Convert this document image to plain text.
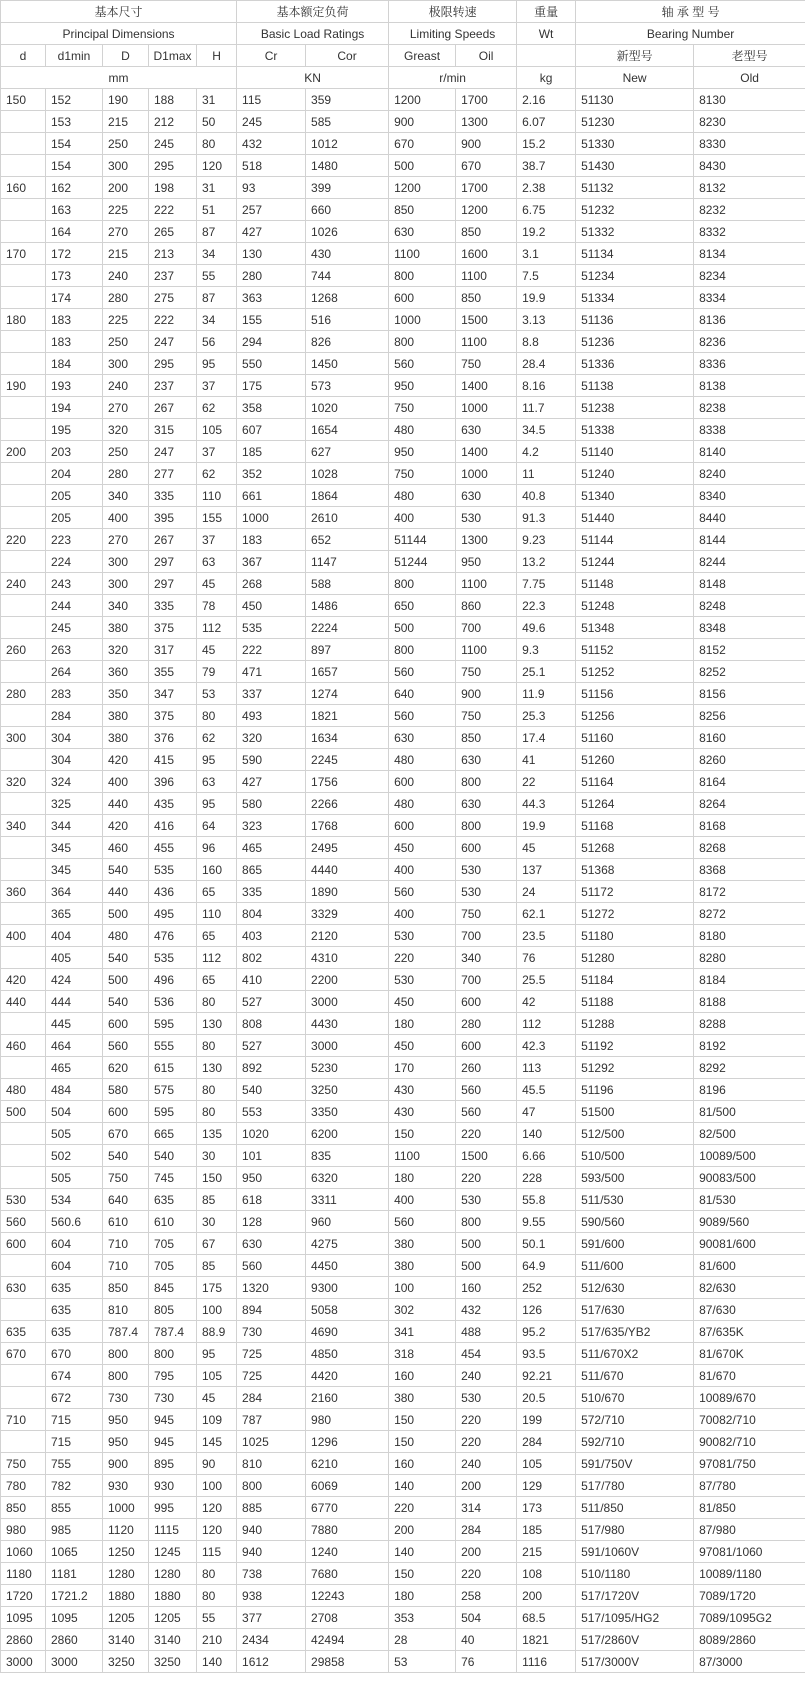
基本尺寸					基本额定负荷		极限转速		重量	轴 承 型 号	
Principal Dimensions					Basic Load Ratings		Limiting Speeds		Wt	Bearing Number	
d	d1min	D	D1max	H	Cr	Cor	Greast	Oil		新型号	老型号
mm					KN		r/min		kg	New	Old
150	152	190	188	31	115	359	1200	1700	2.16	51130	8130
	153	215	212	50	245	585	900	1300	6.07	51230	8230
	154	250	245	80	432	1012	670	900	15.2	51330	8330
	154	300	295	120	518	1480	500	670	38.7	51430	8430
160	162	200	198	31	93	399	1200	1700	2.38	51132	8132
	163	225	222	51	257	660	850	1200	6.75	51232	8232
	164	270	265	87	427	1026	630	850	19.2	51332	8332
170	172	215	213	34	130	430	1100	1600	3.1	51134	8134
	173	240	237	55	280	744	800	1100	7.5	51234	8234
	174	280	275	87	363	1268	600	850	19.9	51334	8334
180	183	225	222	34	155	516	1000	1500	3.13	51136	8136
	183	250	247	56	294	826	800	1100	8.8	51236	8236
	184	300	295	95	550	1450	560	750	28.4	51336	8336
190	193	240	237	37	175	573	950	1400	8.16	51138	8138
	194	270	267	62	358	1020	750	1000	11.7	51238	8238
	195	320	315	105	607	1654	480	630	34.5	51338	8338
200	203	250	247	37	185	627	950	1400	4.2	51140	8140
	204	280	277	62	352	1028	750	1000	11	51240	8240
	205	340	335	110	661	1864	480	630	40.8	51340	8340
	205	400	395	155	1000	2610	400	530	91.3	51440	8440
220	223	270	267	37	183	652	51144	1300	9.23	51144	8144
	224	300	297	63	367	1147	51244	950	13.2	51244	8244
240	243	300	297	45	268	588	800	1100	7.75	51148	8148
	244	340	335	78	450	1486	650	860	22.3	51248	8248
	245	380	375	112	535	2224	500	700	49.6	51348	8348
260	263	320	317	45	222	897	800	1100	9.3	51152	8152
	264	360	355	79	471	1657	560	750	25.1	51252	8252
280	283	350	347	53	337	1274	640	900	11.9	51156	8156
	284	380	375	80	493	1821	560	750	25.3	51256	8256
300	304	380	376	62	320	1634	630	850	17.4	51160	8160
	304	420	415	95	590	2245	480	630	41	51260	8260
320	324	400	396	63	427	1756	600	800	22	51164	8164
	325	440	435	95	580	2266	480	630	44.3	51264	8264
340	344	420	416	64	323	1768	600	800	19.9	51168	8168
	345	460	455	96	465	2495	450	600	45	51268	8268
	345	540	535	160	865	4440	400	530	137	51368	8368
360	364	440	436	65	335	1890	560	530	24	51172	8172
	365	500	495	110	804	3329	400	750	62.1	51272	8272
400	404	480	476	65	403	2120	530	700	23.5	51180	8180
	405	540	535	112	802	4310	220	340	76	51280	8280
420	424	500	496	65	410	2200	530	700	25.5	51184	8184
440	444	540	536	80	527	3000	450	600	42	51188	8188
	445	600	595	130	808	4430	180	280	112	51288	8288
460	464	560	555	80	527	3000	450	600	42.3	51192	8192
	465	620	615	130	892	5230	170	260	113	51292	8292
480	484	580	575	80	540	3250	430	560	45.5	51196	8196
500	504	600	595	80	553	3350	430	560	47	51500	81/500
	505	670	665	135	1020	6200	150	220	140	512/500	82/500
	502	540	540	30	101	835	1100	1500	6.66	510/500	10089/500
	505	750	745	150	950	6320	180	220	228	593/500	90083/500
530	534	640	635	85	618	3311	400	530	55.8	511/530	81/530
560	560.6	610	610	30	128	960	560	800	9.55	590/560	9089/560
600	604	710	705	67	630	4275	380	500	50.1	591/600	90081/600
	604	710	705	85	560	4450	380	500	64.9	511/600	81/600
630	635	850	845	175	1320	9300	100	160	252	512/630	82/630
	635	810	805	100	894	5058	302	432	126	517/630	87/630
635	635	787.4	787.4	88.9	730	4690	341	488	95.2	517/635/YB2	87/635K
670	670	800	800	95	725	4850	318	454	93.5	511/670X2	81/670K
	674	800	795	105	725	4420	160	240	92.21	511/670	81/670
	672	730	730	45	284	2160	380	530	20.5	510/670	10089/670
710	715	950	945	109	787	980	150	220	199	572/710	70082/710
	715	950	945	145	1025	1296	150	220	284	592/710	90082/710
750	755	900	895	90	810	6210	160	240	105	591/750V	97081/750
780	782	930	930	100	800	6069	140	200	129	517/780	87/780
850	855	1000	995	120	885	6770	220	314	173	511/850	81/850
980	985	1120	1115	120	940	7880	200	284	185	517/980	87/980
1060	1065	1250	1245	115	940	1240	140	200	215	591/1060V	97081/1060
1180	1181	1280	1280	80	738	7680	150	220	108	510/1180	10089/1180
1720	1721.2	1880	1880	80	938	12243	180	258	200	517/1720V	7089/1720
1095	1095	1205	1205	55	377	2708	353	504	68.5	517/1095/HG2	7089/1095G2
2860	2860	3140	3140	210	2434	42494	28	40	1821	517/2860V	8089/2860
3000	3000	3250	3250	140	1612	29858	53	76	1116	517/3000V	87/3000
